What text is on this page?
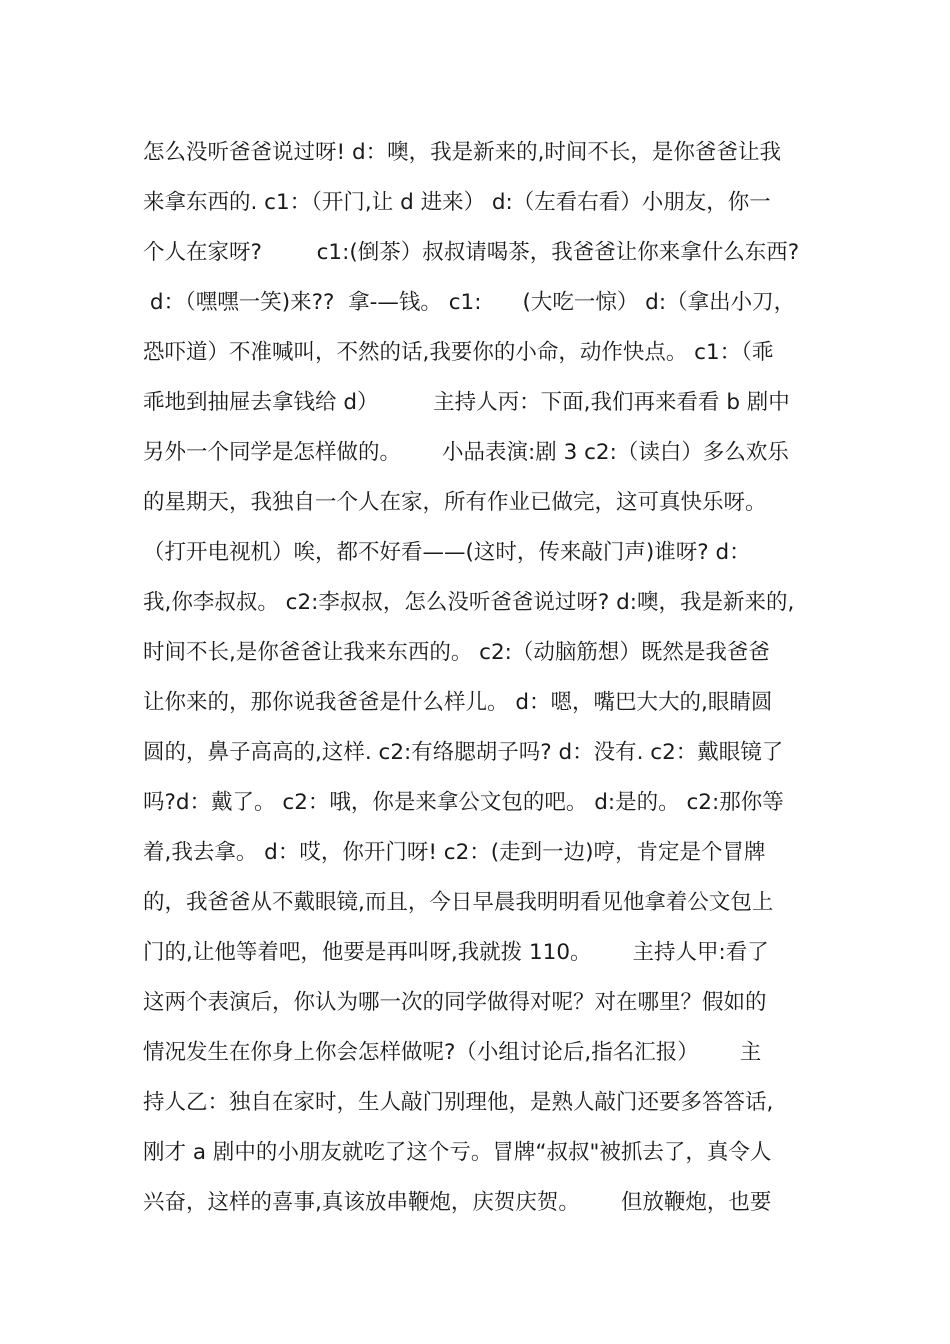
怎么没听爸爸说过呀! d：噢，我是新来的,时间不长，是你爸爸让我
来拿东西的. c1：（开门,让 d 进来） d:（左看右看）小朋友，你一
个人在家呀?        c1:(倒茶）叔叔请喝茶，我爸爸让你来拿什么东西?
d：（嘿嘿一笑)来??  拿-—钱。 c1:      (大吃一惊） d:（拿出小刀，
恐吓道）不准喊叫，不然的话,我要你的小命，动作快点。 c1：（乖
乖地到抽屉去拿钱给 d）        主持人丙：下面,我们再来看看 b 剧中
另外一个同学是怎样做的。      小品表演:剧 3 c2:（读白）多么欢乐
的星期天，我独自一个人在家，所有作业已做完，这可真快乐呀。
（打开电视机）唉，都不好看——(这时，传来敲门声)谁呀? d：
我,你李叔叔。 c2:李叔叔，怎么没听爸爸说过呀? d:噢，我是新来的,
时间不长,是你爸爸让我来东西的。 c2:（动脑筋想）既然是我爸爸
让你来的，那你说我爸爸是什么样儿。 d：嗯，嘴巴大大的,眼睛圆
圆的，鼻子高高的,这样. c2:有络腮胡子吗? d：没有. c2：戴眼镜了
吗?d：戴了。 c2：哦，你是来拿公文包的吧。 d:是的。 c2:那你等
着,我去拿。 d：哎，你开门呀! c2：(走到一边)哼，肯定是个冒牌
的，我爸爸从不戴眼镜,而且，今日早晨我明明看见他拿着公文包上
门的,让他等着吧，他要是再叫呀,我就拨 110。      主持人甲:看了
这两个表演后，你认为哪一次的同学做得对呢？对在哪里？假如的
情况发生在你身上你会怎样做呢?（小组讨论后,指名汇报）      主
持人乙：独自在家时，生人敲门别理他，是熟人敲门还要多答答话,
刚才 a 剧中的小朋友就吃了这个亏。冒牌“叔叔"被抓去了，真令人
兴奋，这样的喜事,真该放串鞭炮，庆贺庆贺。      但放鞭炮，也要
